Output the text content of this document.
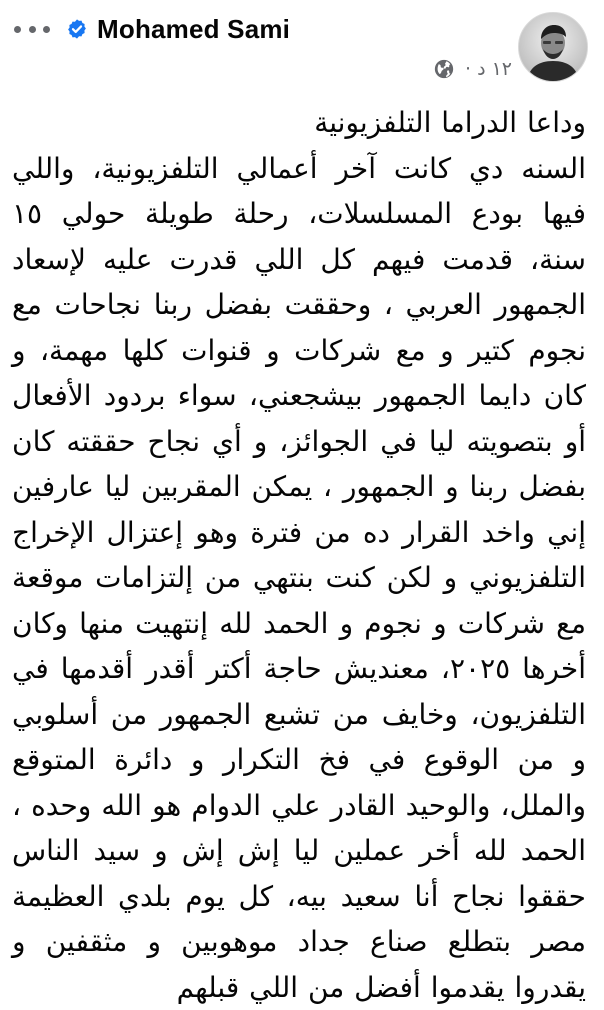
Mohamed Sami
١٢ د ·

وداعا الدراما التلفزيونية

السنه دي كانت آخر أعمالي التلفزيونية، واللي فيها بودع المسلسلات، رحلة طويلة حولي ١٥ سنة، قدمت فيهم كل اللي قدرت عليه لإسعاد الجمهور العربي ، وحققت بفضل ربنا نجاحات مع نجوم كتير و مع شركات و قنوات كلها مهمة، و كان دايما الجمهور بيشجعني، سواء بردود الأفعال أو بتصويته ليا في الجوائز، و أي نجاح حققته كان بفضل ربنا و الجمهور ، يمكن المقربين ليا عارفين إني واخد القرار ده من فترة وهو إعتزال الإخراج التلفزيوني و لكن كنت بنتهي من إلتزامات موقعة مع شركات و نجوم و الحمد لله إنتهيت منها وكان أخرها ٢٠٢٥، معنديش حاجة أكتر أقدر أقدمها في التلفزيون، وخايف من تشبع الجمهور من أسلوبي و من الوقوع في فخ التكرار و دائرة المتوقع والملل، والوحيد القادر علي الدوام هو الله وحده ، الحمد لله أخر عملين ليا إش إش و سيد الناس حققوا نجاح أنا سعيد بيه، كل يوم بلدي العظيمة مصر بتطلع صناع جداد موهوبين و مثقفين و يقدروا يقدموا أفضل من اللي قبلهم
